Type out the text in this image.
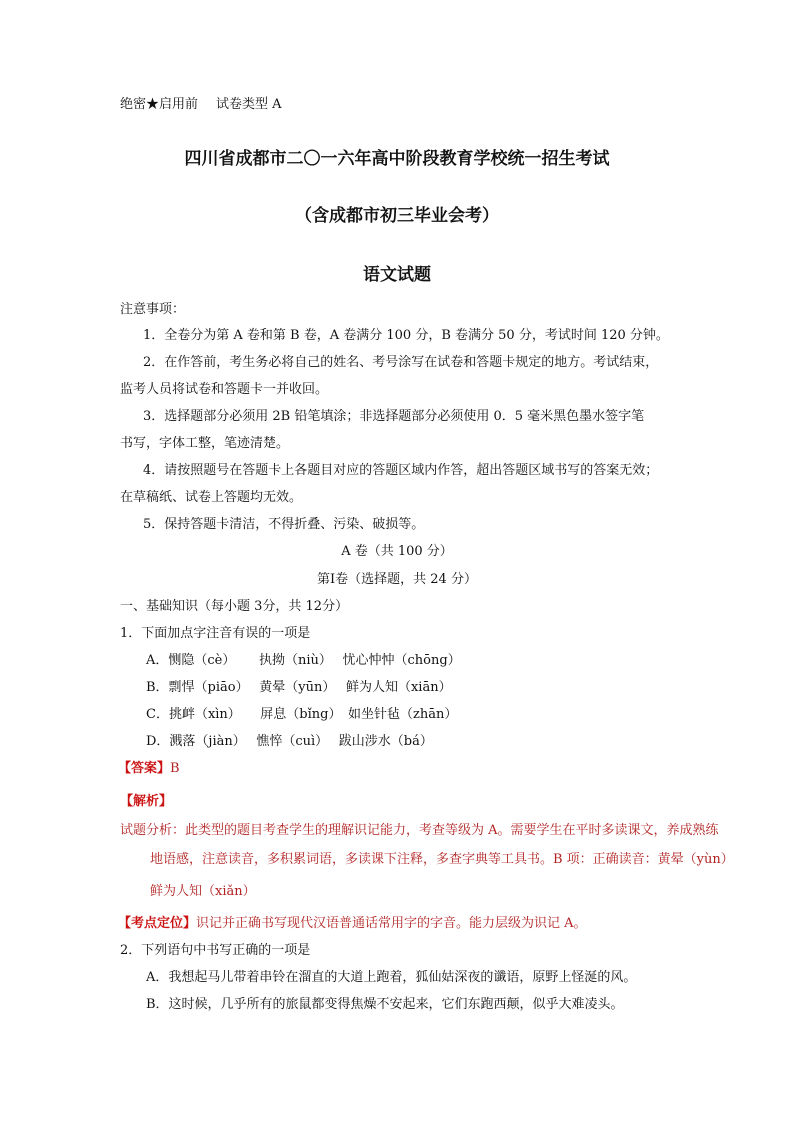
绝密★启用前 试卷类型 A
四川省成都市二〇一六年高中阶段教育学校统一招生考试
（含成都市初三毕业会考）
语文试题
注意事项：
1．全卷分为第 A 卷和第 B 卷，A 卷满分 100 分，B 卷满分 50 分，考试时间 120 分钟。
2．在作答前，考生务必将自己的姓名、考号涂写在试卷和答题卡规定的地方。考试结束，
监考人员将试卷和答题卡一并收回。
3．选择题部分必须用 2B 铅笔填涂；非选择题部分必须使用 0．5 毫米黑色墨水签字笔
书写，字体工整，笔迹清楚。
4．请按照题号在答题卡上各题目对应的答题区域内作答，超出答题区域书写的答案无效；
在草稿纸、试卷上答题均无效。
5．保持答题卡清洁，不得折叠、污染、破损等。
A 卷（共 100 分）
第Ⅰ卷（选择题，共 24 分）
一、基础知识（每小题 3分，共 12分）
1．下面加点字注音有误的一项是
A．恻隐（cè）　　 执拗（niù）　 忧心忡忡（chōng）
B．剽悍（piāo）　 黄晕（yūn）　 鲜为人知（xiān）
C．挑衅（xìn）　　屏息（bǐng）　如坐针毡（zhān）
D．溅落（jiàn）　 憔悴（cuì）　 跋山涉水（bá）
【答案】B
【解析】
试题分析：此类型的题目考查学生的理解识记能力，考查等级为 A。需要学生在平时多读课文，养成熟练
地语感，注意读音，多积累词语，多读课下注释，多查字典等工具书。B 项：正确读音：黄晕（yùn）
鲜为人知（xiǎn）
【考点定位】识记并正确书写现代汉语普通话常用字的字音。能力层级为识记 A。
2．下列语句中书写正确的一项是
A．我想起马儿带着串铃在溜直的大道上跑着，狐仙姑深夜的谶语，原野上怪涎的风。
B．这时候，几乎所有的旅鼠都变得焦燥不安起来，它们东跑西颠，似乎大难凌头。
